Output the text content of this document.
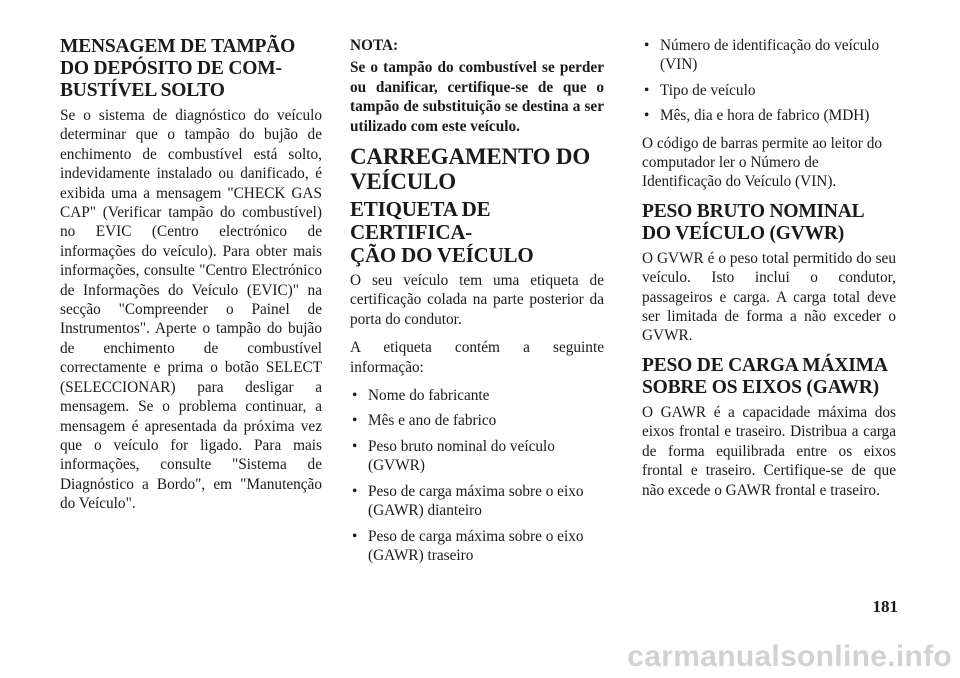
MENSAGEM DE TAMPÃO
DO DEPÓSITO DE COM-
BUSTÍVEL SOLTO

Se o sistema de diagnóstico do veículo determinar que o tampão do bujão de enchimento de combustível está solto, indevidamente instalado ou danificado, é exibida uma a mensagem "CHECK GAS CAP" (Verificar tampão do combustível) no EVIC (Centro electrónico de informações do veículo). Para obter mais informações, consulte "Centro Electrónico de Informações do Veículo (EVIC)" na secção "Compreender o Painel de Instrumentos". Aperte o tampão do bujão de enchimento de combustível correctamente e prima o botão SELECT (SELECCIONAR) para desligar a mensagem. Se o problema continuar, a mensagem é apresentada da próxima vez que o veículo for ligado. Para mais informações, consulte "Sistema de Diagnóstico a Bordo", em "Manutenção do Veículo".

NOTA:
Se o tampão do combustível se perder ou danificar, certifique-se de que o tampão de substituição se destina a ser utilizado com este veículo.
CARREGAMENTO DO
VEÍCULO
ETIQUETA DE CERTIFICA-
ÇÃO DO VEÍCULO

O seu veículo tem uma etiqueta de certificação colada na parte posterior da porta do condutor.

A etiqueta contém a seguinte informação:

• Nome do fabricante
• Mês e ano de fabrico
• Peso bruto nominal do veículo (GVWR)
• Peso de carga máxima sobre o eixo (GAWR) dianteiro
• Peso de carga máxima sobre o eixo (GAWR) traseiro
• Número de identificação do veículo (VIN)
• Tipo de veículo
• Mês, dia e hora de fabrico (MDH)

O código de barras permite ao leitor do computador ler o Número de Identificação do Veículo (VIN).

PESO BRUTO NOMINAL
DO VEÍCULO (GVWR)

O GVWR é o peso total permitido do seu veículo. Isto inclui o condutor, passageiros e carga. A carga total deve ser limitada de forma a não exceder o GVWR.

PESO DE CARGA MÁXIMA
SOBRE OS EIXOS (GAWR)

O GAWR é a capacidade máxima dos eixos frontal e traseiro. Distribua a carga de forma equilibrada entre os eixos frontal e traseiro. Certifique-se de que não excede o GAWR frontal e traseiro.

181
carmanualsonline.info
